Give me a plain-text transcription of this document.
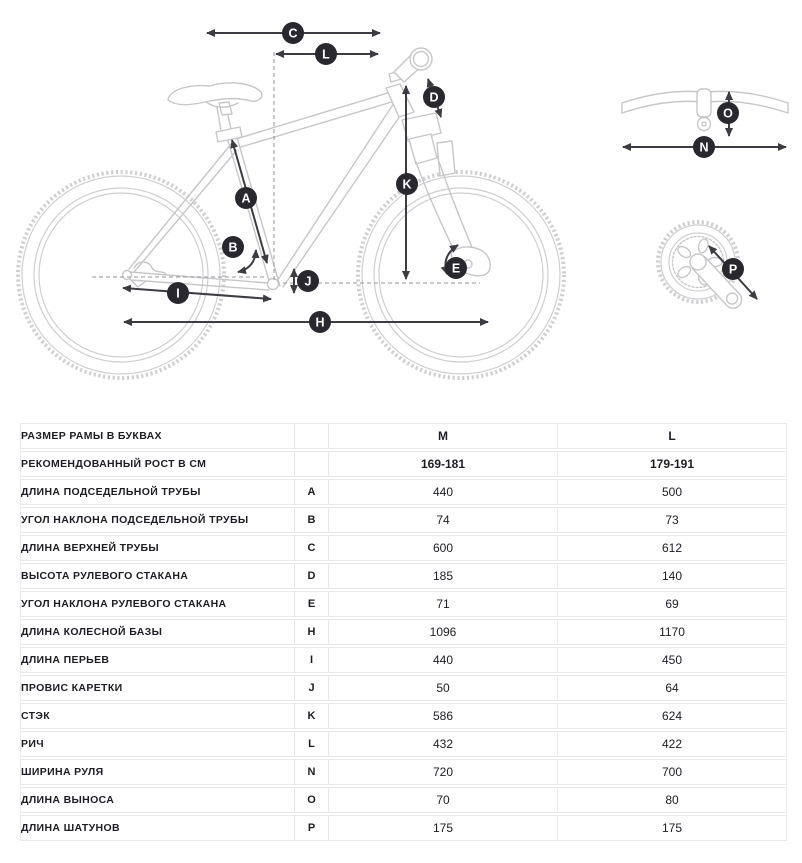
C
L
A
B
D
K
J
I
E
H
O
N
P
РАЗМЕР РАМЫ В БУКВАХ		M	L
РЕКОМЕНДОВАННЫЙ РОСТ В СМ		169-181	179-191
ДЛИНА ПОДСЕДЕЛЬНОЙ ТРУБЫ	A	440	500
УГОЛ НАКЛОНА ПОДСЕДЕЛЬНОЙ ТРУБЫ	B	74	73
ДЛИНА ВЕРХНЕЙ ТРУБЫ	C	600	612
ВЫСОТА РУЛЕВОГО СТАКАНА	D	185	140
УГОЛ НАКЛОНА РУЛЕВОГО СТАКАНА	E	71	69
ДЛИНА КОЛЕСНОЙ БАЗЫ	H	1096	1170
ДЛИНА ПЕРЬЕВ	I	440	450
ПРОВИС КАРЕТКИ	J	50	64
СТЭК	K	586	624
РИЧ	L	432	422
ШИРИНА РУЛЯ	N	720	700
ДЛИНА ВЫНОСА	O	70	80
ДЛИНА ШАТУНОВ	P	175	175
